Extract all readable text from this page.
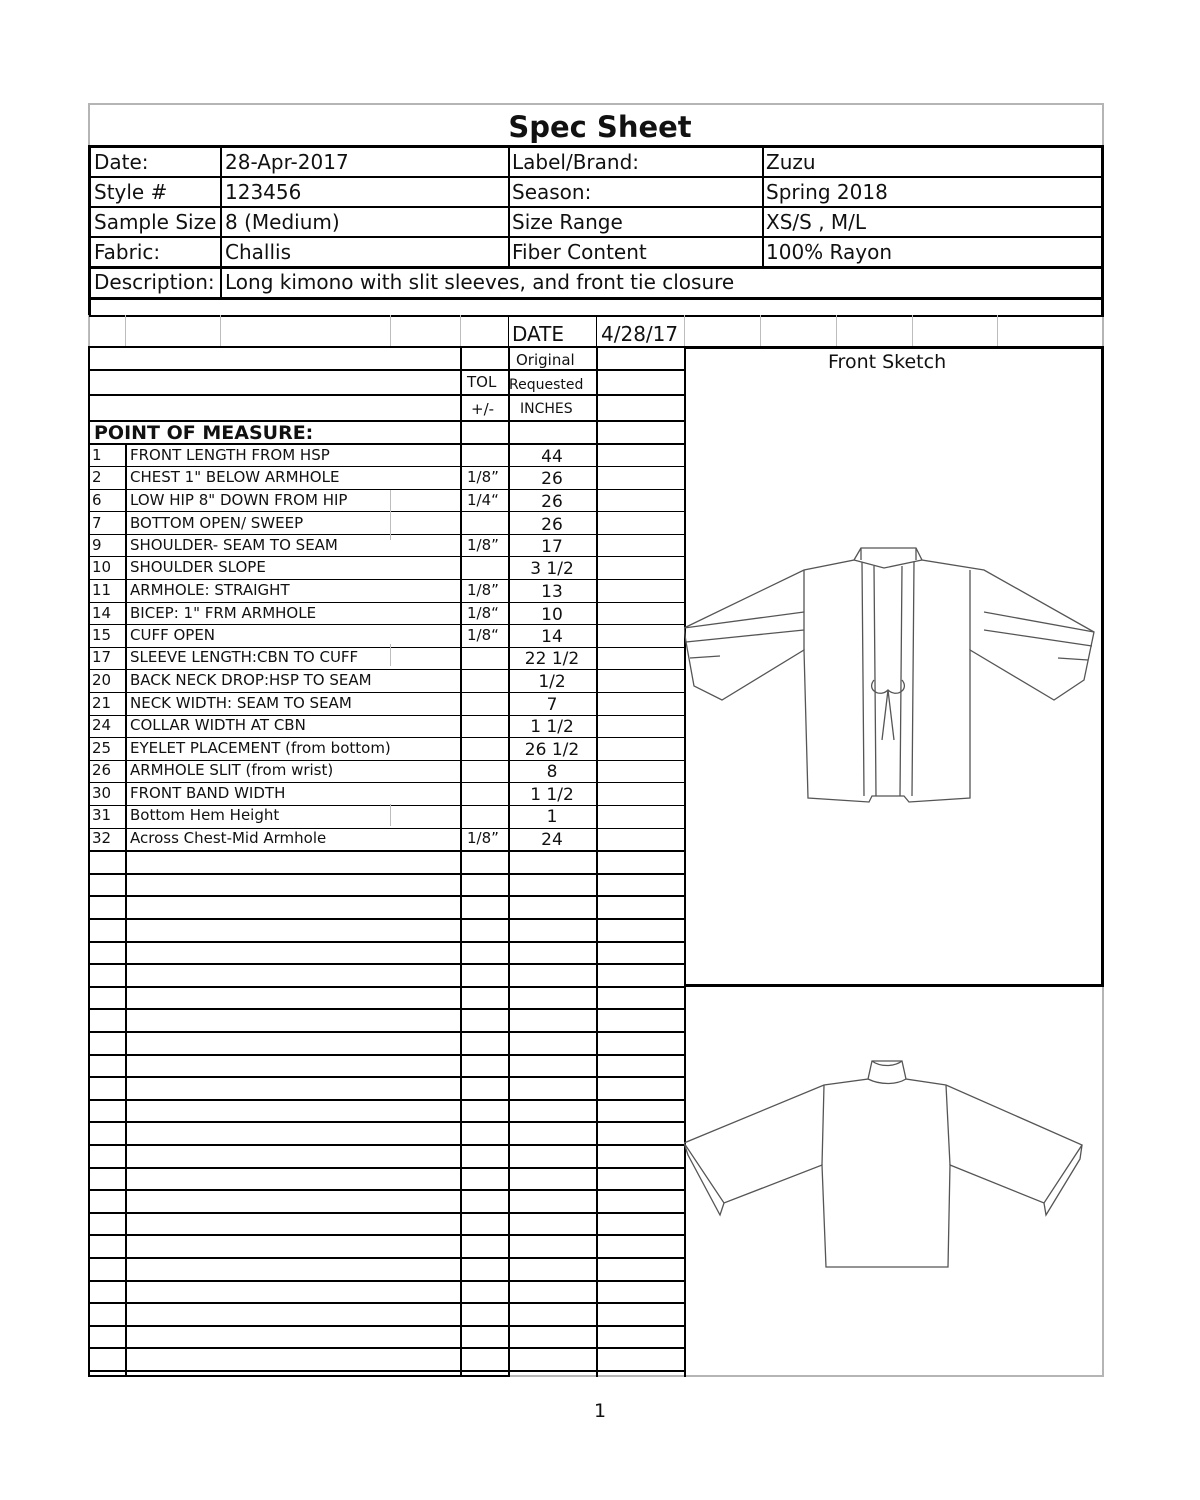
Spec Sheet
Date:	28-Apr-2017	Label/Brand:	Zuzu
Style #	123456	Season:	Spring 2018
Sample Size 8 (Medium)	Size Range	XS/S , M/L
Fabric:	Challis	Fiber Content	100% Rayon
Description: Long kimono with slit sleeves, and front tie closure
DATE 4/28/17
Original
TOL Requested
+/- INCHES
POINT OF MEASURE:
Front Sketch
1 FRONT LENGTH FROM HSP	44
2 CHEST 1" BELOW ARMHOLE	1/8”	26
6 LOW HIP 8" DOWN FROM HIP	1/4“	26
7 BOTTOM OPEN/ SWEEP	26
9 SHOULDER- SEAM TO SEAM	1/8”	17
10 SHOULDER SLOPE	3 1/2
11 ARMHOLE: STRAIGHT	1/8”	13
14 BICEP: 1" FRM ARMHOLE	1/8“	10
15 CUFF OPEN	1/8“	14
17 SLEEVE LENGTH:CBN TO CUFF	22 1/2
20 BACK NECK DROP:HSP TO SEAM	1/2
21 NECK WIDTH: SEAM TO SEAM	7
24 COLLAR WIDTH AT CBN	1 1/2
25 EYELET PLACEMENT (from bottom)	26 1/2
26 ARMHOLE SLIT (from wrist)	8
30 FRONT BAND WIDTH	1 1/2
31 Bottom Hem Height	1
32 Across Chest-Mid Armhole	1/8”	24
1
